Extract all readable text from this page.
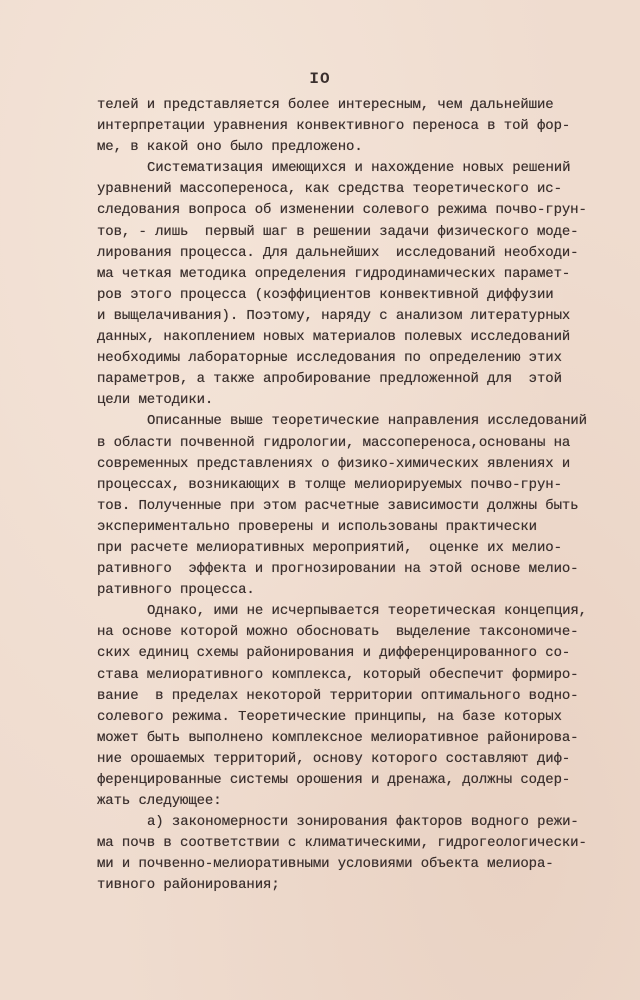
IO
телей и представляется более интересным, чем дальнейшие
интерпретации уравнения конвективного переноса в той фор-
ме, в какой оно было предложено.
Систематизация имеющихся и нахождение новых решений
уравнений массопереноса, как средства теоретического ис-
следования вопроса об изменении солевого режима почво-грун-
тов, - лишь  первый шаг в решении задачи физического моде-
лирования процесса. Для дальнейших  исследований необходи-
ма четкая методика определения гидродинамических парамет-
ров этого процесса (коэффициентов конвективной диффузии
и выщелачивания). Поэтому, наряду с анализом литературных
данных, накоплением новых материалов полевых исследований
необходимы лабораторные исследования по определению этих
параметров, а также апробирование предложенной для  этой
цели методики.
Описанные выше теоретические направления исследований
в области почвенной гидрологии, массопереноса,основаны на
современных представлениях о физико-химических явлениях и
процессах, возникающих в толще мелиорируемых почво-грун-
тов. Полученные при этом расчетные зависимости должны быть
экспериментально проверены и использованы практически
при расчете мелиоративных мероприятий,  оценке их мелио-
ративного  эффекта и прогнозировании на этой основе мелио-
ративного процесса.
Однако, ими не исчерпывается теоретическая концепция,
на основе которой можно обосновать  выделение таксономиче-
ских единиц схемы районирования и дифференцированного со-
става мелиоративного комплекса, который обеспечит формиро-
вание  в пределах некоторой территории оптимального водно-
солевого режима. Теоретические принципы, на базе которых
может быть выполнено комплексное мелиоративное районирова-
ние орошаемых территорий, основу которого составляют диф-
ференцированные системы орошения и дренажа, должны содер-
жать следующее:
а) закономерности зонирования факторов водного режи-
ма почв в соответствии с климатическими, гидрогеологически-
ми и почвенно-мелиоративными условиями объекта мелиора-
тивного районирования;
